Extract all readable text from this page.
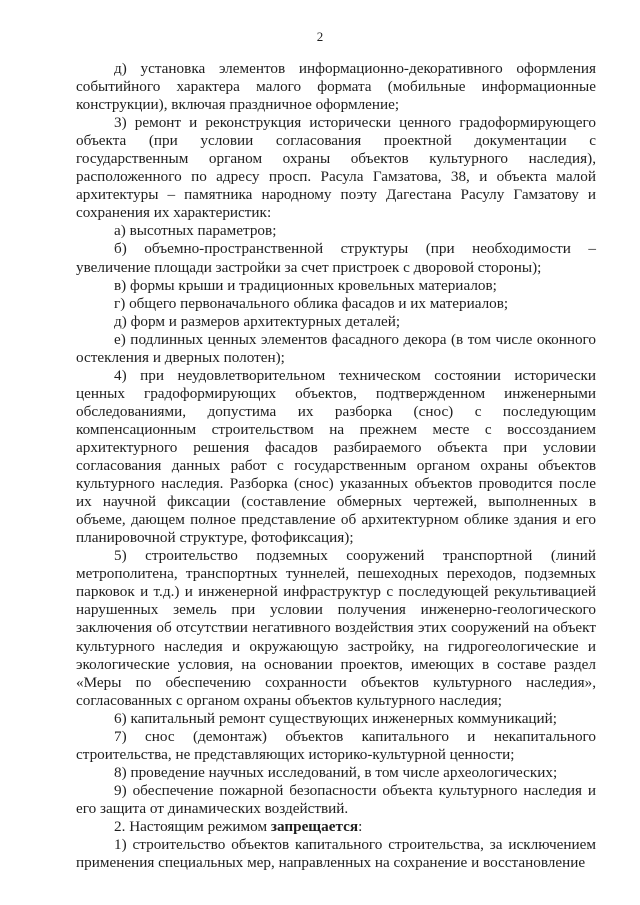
2

д) установка элементов информационно-декоративного оформления событийного характера малого формата (мобильные информационные конструкции), включая праздничное оформление;

3) ремонт и реконструкция исторически ценного градоформирующего объекта (при условии согласования проектной документации с государственным органом охраны объектов культурного наследия), расположенного по адресу просп. Расула Гамзатова, 38, и объекта малой архитектуры – памятника народному поэту Дагестана Расулу Гамзатову и сохранения их характеристик:

а) высотных параметров;

б) объемно-пространственной структуры (при необходимости – увеличение площади застройки за счет пристроек с дворовой стороны);

в) формы крыши и традиционных кровельных материалов;

г) общего первоначального облика фасадов и их материалов;

д) форм и размеров архитектурных деталей;

е) подлинных ценных элементов фасадного декора (в том числе оконного остекления и дверных полотен);

4) при неудовлетворительном техническом состоянии исторически ценных градоформирующих объектов, подтвержденном инженерными обследованиями, допустима их разборка (снос) с последующим компенсационным строительством на прежнем месте с воссозданием архитектурного решения фасадов разбираемого объекта при условии согласования данных работ с государственным органом охраны объектов культурного наследия. Разборка (снос) указанных объектов проводится после их научной фиксации (составление обмерных чертежей, выполненных в объеме, дающем полное представление об архитектурном облике здания и его планировочной структуре, фотофиксация);

5) строительство подземных сооружений транспортной (линий метрополитена, транспортных туннелей, пешеходных переходов, подземных парковок и т.д.) и инженерной инфраструктур с последующей рекультивацией нарушенных земель при условии получения инженерно-геологического заключения об отсутствии негативного воздействия этих сооружений на объект культурного наследия и окружающую застройку, на гидрогеологические и экологические условия, на основании проектов, имеющих в составе раздел «Меры по обеспечению сохранности объектов культурного наследия», согласованных с органом охраны объектов культурного наследия;

6) капитальный ремонт существующих инженерных коммуникаций;

7) снос (демонтаж) объектов капитального и некапитального строительства, не представляющих историко-культурной ценности;

8) проведение научных исследований, в том числе археологических;

9) обеспечение пожарной безопасности объекта культурного наследия и его защита от динамических воздействий.

2. Настоящим режимом запрещается:

1) строительство объектов капитального строительства, за исключением применения специальных мер, направленных на сохранение и восстановление
